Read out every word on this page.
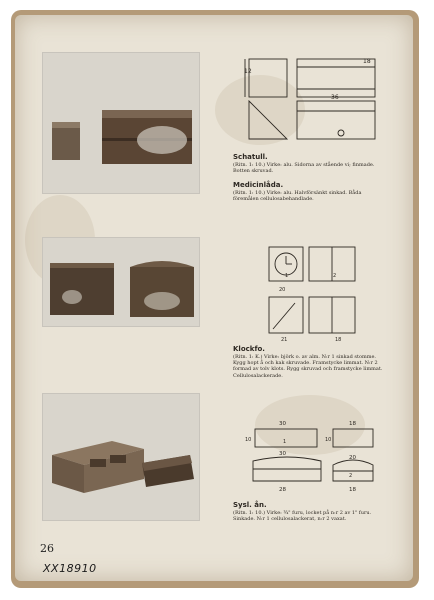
12
18
36
20
21	18
1	2
30	18
30
20
28	18
10	10
1
2
Schatull.
(Ritn. 1: 10.) Virke: alu. Sidorna av stående vi; finmade. Botten skruvad.
Medicinlåda.
(Ritn. 1: 10.) Virke: alu. Halvförsänkt sinkad. Båda föremålen cellulosabehandlade.
Klockfo.
(Ritn. 1: K.) Virke: björk o. av alm. N:r 1 sinkad stomme. Kygg hopt å och kak skruvade. Framstycke limmat. N:r 2 formad av tolv klots. Rygg skruvad och framstycke limmat. Cellulosalackerade.
Sysl. ån.
(Ritn. 1: 10.) Virke: ¾" furu, locket på n:r 2 av 1" furu. Sinkade. N:r 1 cellulosalackerat, n:r 2 vaxat.
26
XX18910
